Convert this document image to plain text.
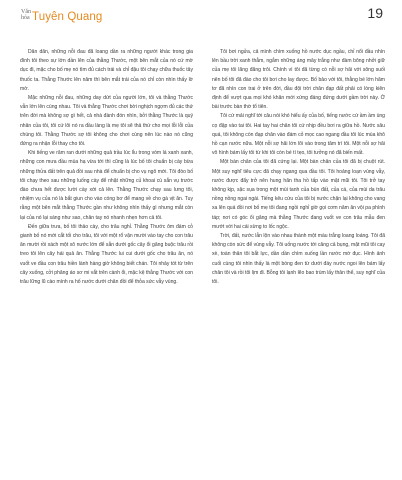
Văn
hóa Tuyên Quang	19

Dân dãn, những nỗi đau đã loang dần ra những người khác trong gia đình tôi theo sự lớn dần lên của thằng Thước, một bên mắt của nó cứ mờ dục đi, mặc cho bố mẹ nó tìm đủ cách trái và chỉ đậu tôi chạy chữa thuốc tây thuốc ta. Thằng Thước lên năm thì bên mắt trái của nó chỉ còn nhìn thấy lờ mờ.

Mặc những nỗi đau, những day dứt của người lớn, tôi và thằng Thước vẫn lớn lên cùng nhau. Tôi và thằng Thước chơi bời nghịch ngợm đủ các thứ trên đời mà không sợ gì hết, cả nhà đành đón nhìn, bởi thằng Thước là quý nhân của tôi, tôi cứ lôi nó ra đầu làng là mẹ tôi sẽ thả thứ cho mọi lỗi lỗi của chúng tôi. Thằng Thước sợ tôi không cho chơi cùng nên lúc nào nó cũng đứng ra nhận lỗi thay cho tôi.

Khi tiếng ve râm ran dưới những quả trầu lúc lỉu trong vòm lá xanh xanh, những con mưa đầu mùa hạ vừa tới thì cũng là lúc bố tôi chuẩn bị cày bừa những thửa đất trên quả đồi sau nhà để chuẩn bị cho vụ ngô mới. Tôi đòo bố tôi chạy theo sau những luống cày để nhặt những củ khoai cù sắn vụ trước đào chưa hết được lười cày xới cả lên. Thằng Thước chạy sau lưng tôi, nhiệm vụ của nó là bắt giun cho vào cóng bơ để mang về cho gà vịt ăn. Tuy rằng một bên mắt thằng Thước gần như không nhìn thấy gì nhưng mắt còn lại của nó lại sáng như sao, chân tay nó nhanh nhẹn hơn cả tôi.

Đến giữa trưa, bố tôi thảo cày, cho trâu nghỉ. Thằng Thước ôm đám cỏ gianh bố nó mới cắt tối cho trâu, tôi với một rổ vặn mười vào tay cho con trâu ăn mười rồi xách một xô nước lớn để sẵn dưới gốc cây ổi găng buộc trâu rồi treo tôi lên cây hái quả ăn. Thằng Thước lui cui dưới gốc cho trâu ăn, nó vuốt ve đầu con trâu hiền lành hàng giờ không biết chán. Tôi nhảy tót từ trên cây xuống, cởi phăng áo sơ mi vắt trên cành ổi, mặc kệ thằng Thước với con trâu lững lũ cào mình ra hố nước dưới chân đồi để thỏa sức vẫy vùng.

Tôi bơi ngửa, cả mình chìm xuống hồ nước dục ngầu, chỉ nổi đầu nhìn lên bầu trời xanh thẳm, ngắm những áng mây trắng như đàm bông nhởi giữ của mẹ tôi lãng đãng trôi. Chính vì tôi đã từng có nỗi sợ hãi với sông suối nên bố tôi đã đào cho tôi bơi cho lay được. Bố bảo với tôi, thằng bé lớn hãm tơ đã nhìn con trai ở trên đời, đầu đội trời chân đạp đất phải có lòng kiên định để vượt qua mọi khó khăn mới xứng đáng đứng dưới gầm trời này. Ở bài trước bàn thờ tổ tiên.

Tôi cứ mải nghĩ tới câu nói khó hiểu ấy của bố, tiếng nước cứ ầm ầm ùng cọ đập vào tai tôi. Hai tay hai chân tôi cứ nhịp đều bơi ra giữa hồ. Nước sâu quá, tôi không còn đạp chân vào đám cỏ mọc cao ngang đầu tôi lúc mùa khô hồ cạn nước nữa. Một nỗi sợ hãi lớn lõi vào trong tâm trí tôi. Một nỗi sợ hãi vô hình bám lấy tôi từ khi tôi còn bé tí tẹo, tôi tưởng nó đã biến mất.

Một bàn chân của tôi đã cứng lại. Một bàn chân của tôi đã bị chuột rút. Một suy nghĩ tiêu cực đã chạy ngang qua đầu tôi. Tôi hoảng loạn vùng vẫy, nước được đẩy trở nên hung hãn tha hồ tấp vào mặt mũi tôi. Tôi trở tay không kịp, sặc sụa trong một mùi tanh của bùn đất, của cá, của mùi da trâu nồng nồng ngai ngái. Tiếng kêu cứu của tôi bị nước chặn lại không cho vang xa lên quá đồi nơi bố mẹ tôi đang ngồi nghỉ giờ gọi cơm năm ăn vội pa phình táp; nơi có góc ổi găng mà thằng Thước đang vuốt ve con trâu mẫu đen mướt với hai cái sừng to lốc ngộc.

Trời, đất, nước lẫn lộn vào nhau thành một màu trắng loang loáng. Tôi đã không còn sức để vùng vẫy. Tôi uống nước tới căng cả bụng, mặt mũi tôi cay xè, toàn thân tôi bắt lực, dần dần chìm xuống lần nước mờ đục. Hình ảnh cuối cùng tôi nhìn thấy là một bóng đen từ dưới đáy nước ngoi lên bám lấy chân tôi và rồi tôi lịm đi. Bỗng tôi lạnh lẽo bao trùm lấy thân thể, suy nghĩ của tôi.
